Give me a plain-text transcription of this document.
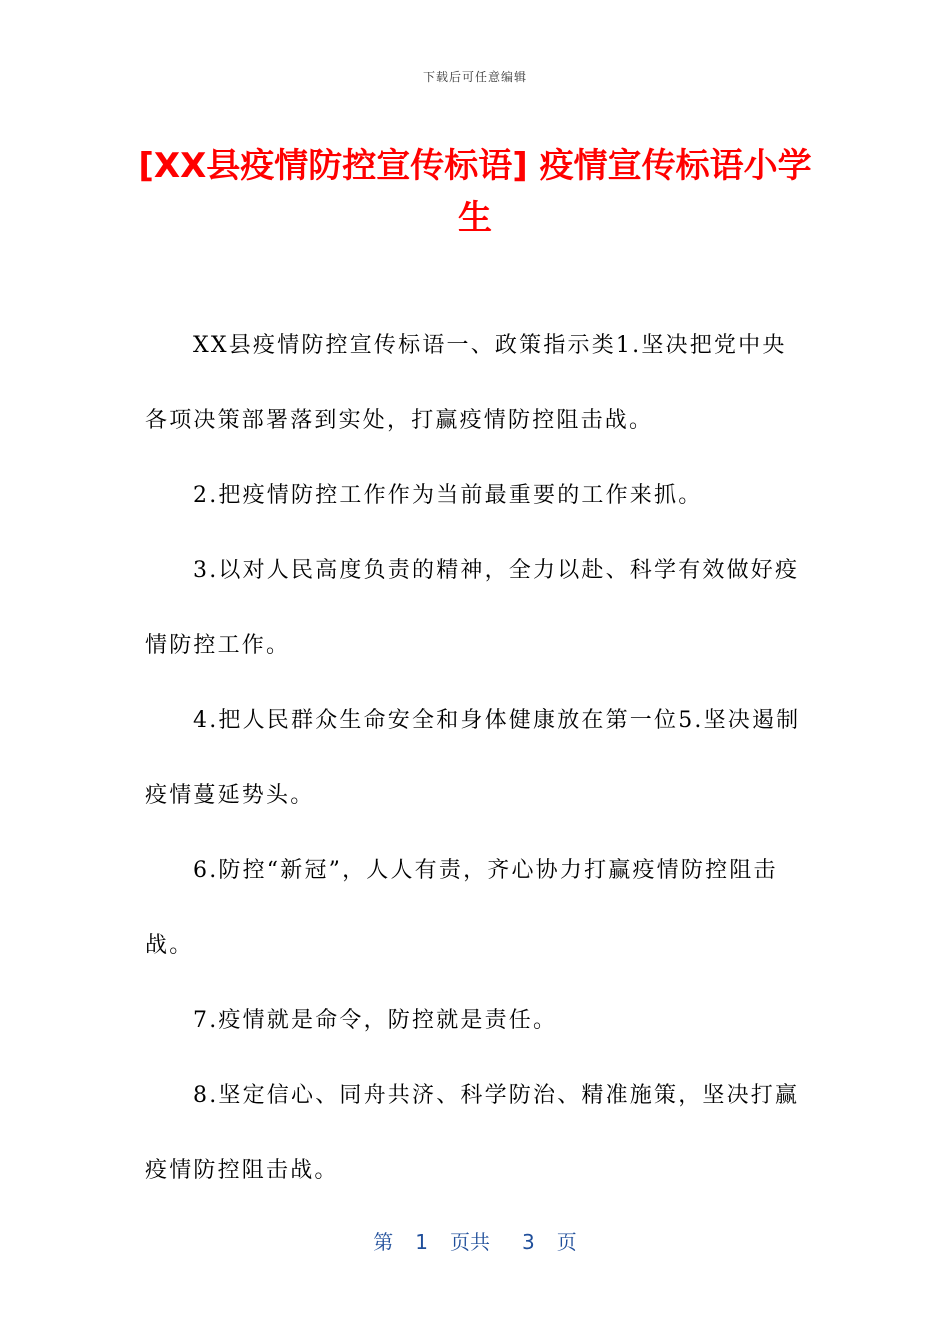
下载后可任意编辑
[XX县疫情防控宣传标语] 疫情宣传标语小学生

XX县疫情防控宣传标语一、政策指示类1.坚决把党中央各项决策部署落到实处，打赢疫情防控阻击战。

2.把疫情防控工作作为当前最重要的工作来抓。

3.以对人民高度负责的精神，全力以赴、科学有效做好疫情防控工作。

4.把人民群众生命安全和身体健康放在第一位5.坚决遏制疫情蔓延势头。

6.防控“新冠”，人人有责，齐心协力打赢疫情防控阻击战。

7.疫情就是命令，防控就是责任。

8.坚定信心、同舟共济、科学防治、精准施策，坚决打赢疫情防控阻击战。

第 1 页共 3 页
